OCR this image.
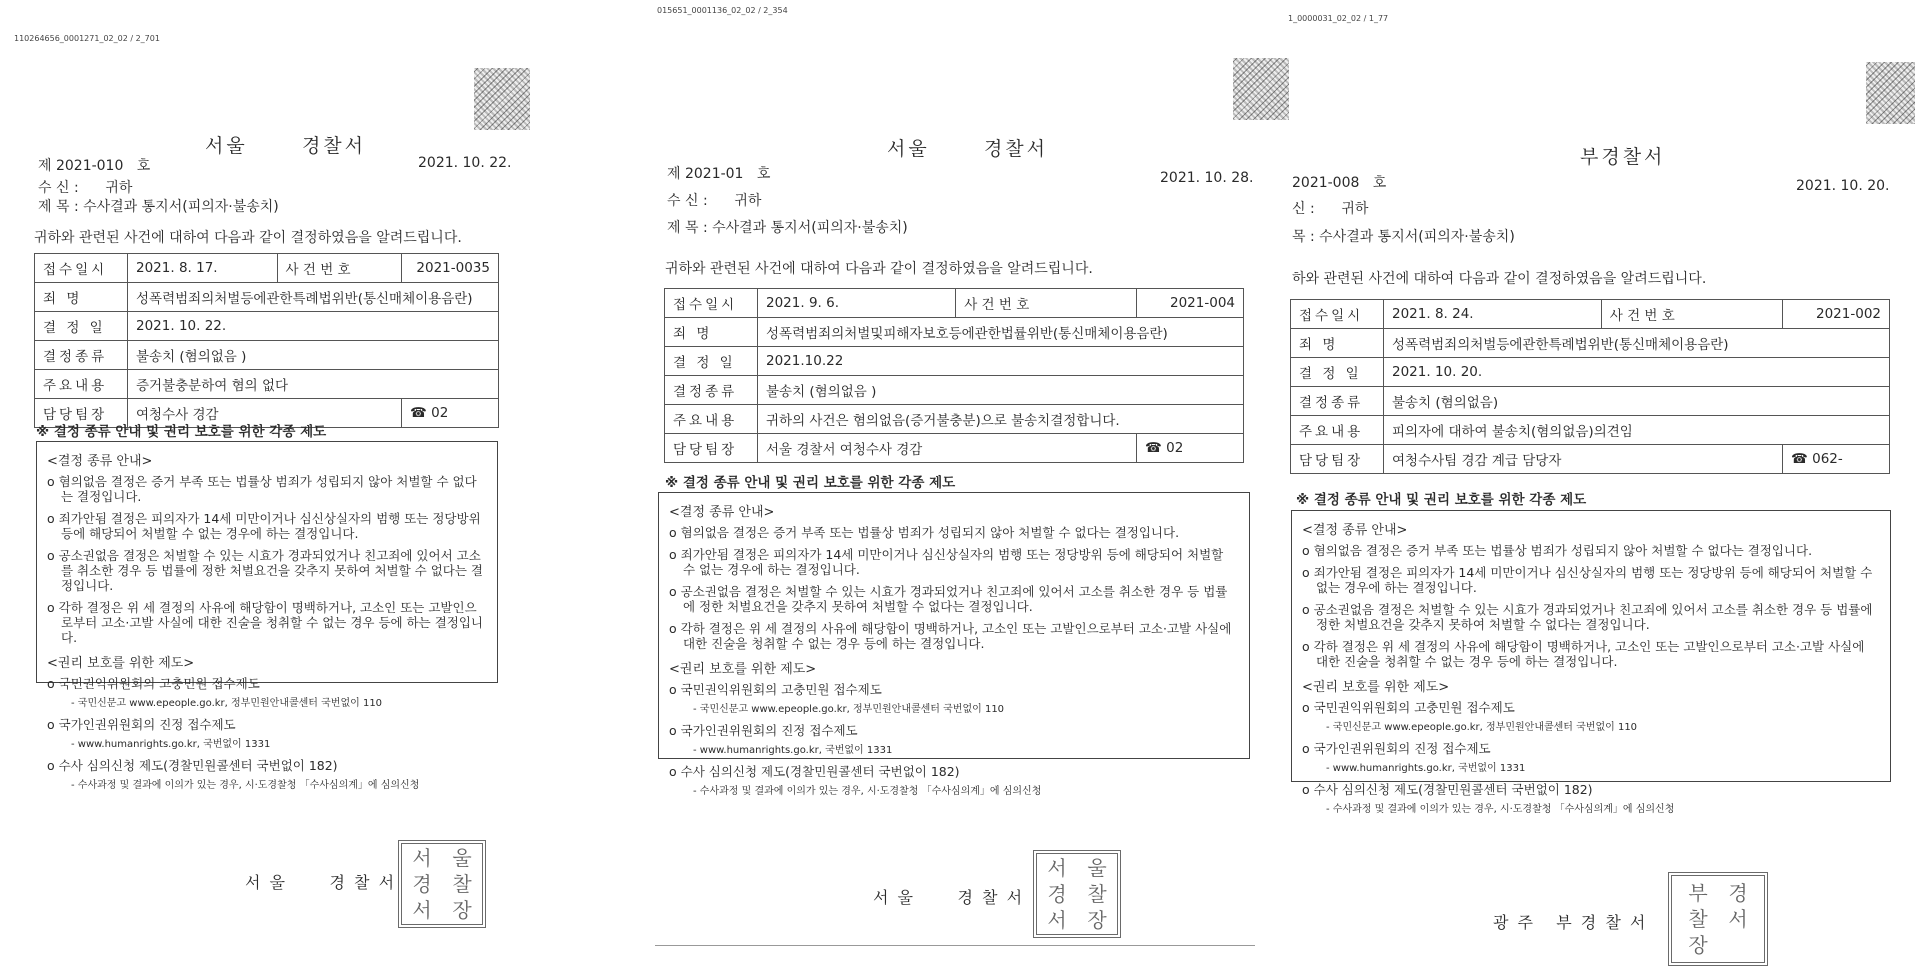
110264656_0001271_02_02 / 2_701
서울      경찰서
제 2021-010   호	2021. 10. 22.
수 신 :      귀하
제 목 : 수사결과 통지서(피의자·불송치)
귀하와 관련된 사건에 대하여 다음과 같이 결정하였음을 알려드립니다.
접수일시	2021. 8. 17.	사 건 번 호	2021-0035
죄 명	성폭력범죄의처벌등에관한특례법위반(통신매체이용음란)		
결 정 일	2021. 10. 22.		
결정종류	불송치 (혐의없음 )		
주요내용	증거불충분하여 혐의 없다		
담당팀장	여청수사 경감		☎ 02
※ 결정 종류 안내 및 권리 보호를 위한 각종 제도
<결정 종류 안내>
o 혐의없음 결정은 증거 부족 또는 법률상 범죄가 성립되지 않아 처벌할 수 없다는 결정입니다.
o 죄가안됨 결정은 피의자가 14세 미만이거나 심신상실자의 범행 또는 정당방위 등에 해당되어 처벌할 수 없는 경우에 하는 결정입니다.
o 공소권없음 결정은 처벌할 수 있는 시효가 경과되었거나 친고죄에 있어서 고소를 취소한 경우 등 법률에 정한 처벌요건을 갖추지 못하여 처벌할 수 없다는 결정입니다.
o 각하 결정은 위 세 결정의 사유에 해당함이 명백하거나, 고소인 또는 고발인으로부터 고소·고발 사실에 대한 진술을 청취할 수 없는 경우 등에 하는 결정입니다.
<권리 보호를 위한 제도>
o 국민권익위원회의 고충민원 접수제도
- 국민신문고 www.epeople.go.kr, 정부민원안내콜센터 국번없이 110
o 국가인권위원회의 진정 접수제도
- www.humanrights.go.kr, 국번없이 1331
o 수사 심의신청 제도(경찰민원콜센터 국번없이 182)
- 수사과정 및 결과에 이의가 있는 경우, 시·도경찰청 「수사심의계」에 심의신청
서 울      경 찰 서
서	울
경	찰
서	장
015651_0001136_02_02 / 2_354
서울      경찰서
제 2021-01   호	2021. 10. 28.
수 신 :      귀하
제 목 : 수사결과 통지서(피의자·불송치)
귀하와 관련된 사건에 대하여 다음과 같이 결정하였음을 알려드립니다.
접수일시	2021. 9. 6.	사 건 번 호	2021-004
죄 명	성폭력범죄의처벌및피해자보호등에관한법률위반(통신매체이용음란)		
결 정 일	2021.10.22		
결정종류	불송치 (혐의없음 )		
주요내용	귀하의 사건은 혐의없음(증거불충분)으로 불송치결정합니다.		
담당팀장	서울 경찰서 여청수사 경감		☎ 02
※ 결정 종류 안내 및 권리 보호를 위한 각종 제도
<결정 종류 안내>
o 혐의없음 결정은 증거 부족 또는 법률상 범죄가 성립되지 않아 처벌할 수 없다는 결정입니다.
o 죄가안됨 결정은 피의자가 14세 미만이거나 심신상실자의 범행 또는 정당방위 등에 해당되어 처벌할 수 없는 경우에 하는 결정입니다.
o 공소권없음 결정은 처벌할 수 있는 시효가 경과되었거나 친고죄에 있어서 고소를 취소한 경우 등 법률에 정한 처벌요건을 갖추지 못하여 처벌할 수 없다는 결정입니다.
o 각하 결정은 위 세 결정의 사유에 해당함이 명백하거나, 고소인 또는 고발인으로부터 고소·고발 사실에 대한 진술을 청취할 수 없는 경우 등에 하는 결정입니다.
<권리 보호를 위한 제도>
o 국민권익위원회의 고충민원 접수제도
- 국민신문고 www.epeople.go.kr, 정부민원안내콜센터 국번없이 110
o 국가인권위원회의 진정 접수제도
- www.humanrights.go.kr, 국번없이 1331
o 수사 심의신청 제도(경찰민원콜센터 국번없이 182)
- 수사과정 및 결과에 이의가 있는 경우, 시·도경찰청 「수사심의계」에 심의신청
서 울      경 찰 서
서	울
경	찰
서	장
1_0000031_02_02 / 1_77
부경찰서
2021-008   호	2021. 10. 20.
신 :      귀하
목 : 수사결과 통지서(피의자·불송치)
하와 관련된 사건에 대하여 다음과 같이 결정하였음을 알려드립니다.
접수일시	2021. 8. 24.	사 건 번 호	2021-002
죄 명	성폭력범죄의처벌등에관한특례법위반(통신매체이용음란)		
결 정 일	2021. 10. 20.		
결정종류	불송치 (혐의없음)		
주요내용	피의자에 대하여 불송치(혐의없음)의견임		
담당팀장	여청수사팀 경감 계급 담당자		☎ 062-
※ 결정 종류 안내 및 권리 보호를 위한 각종 제도
<결정 종류 안내>
o 혐의없음 결정은 증거 부족 또는 법률상 범죄가 성립되지 않아 처벌할 수 없다는 결정입니다.
o 죄가안됨 결정은 피의자가 14세 미만이거나 심신상실자의 범행 또는 정당방위 등에 해당되어 처벌할 수 없는 경우에 하는 결정입니다.
o 공소권없음 결정은 처벌할 수 있는 시효가 경과되었거나 친고죄에 있어서 고소를 취소한 경우 등 법률에 정한 처벌요건을 갖추지 못하여 처벌할 수 없다는 결정입니다.
o 각하 결정은 위 세 결정의 사유에 해당함이 명백하거나, 고소인 또는 고발인으로부터 고소·고발 사실에 대한 진술을 청취할 수 없는 경우 등에 하는 결정입니다.
<권리 보호를 위한 제도>
o 국민권익위원회의 고충민원 접수제도
- 국민신문고 www.epeople.go.kr, 정부민원안내콜센터 국번없이 110
o 국가인권위원회의 진정 접수제도
- www.humanrights.go.kr, 국번없이 1331
o 수사 심의신청 제도(경찰민원콜센터 국번없이 182)
- 수사과정 및 결과에 이의가 있는 경우, 시·도경찰청 「수사심의계」에 심의신청
광 주   부 경 찰 서
부	경
찰	서
장
